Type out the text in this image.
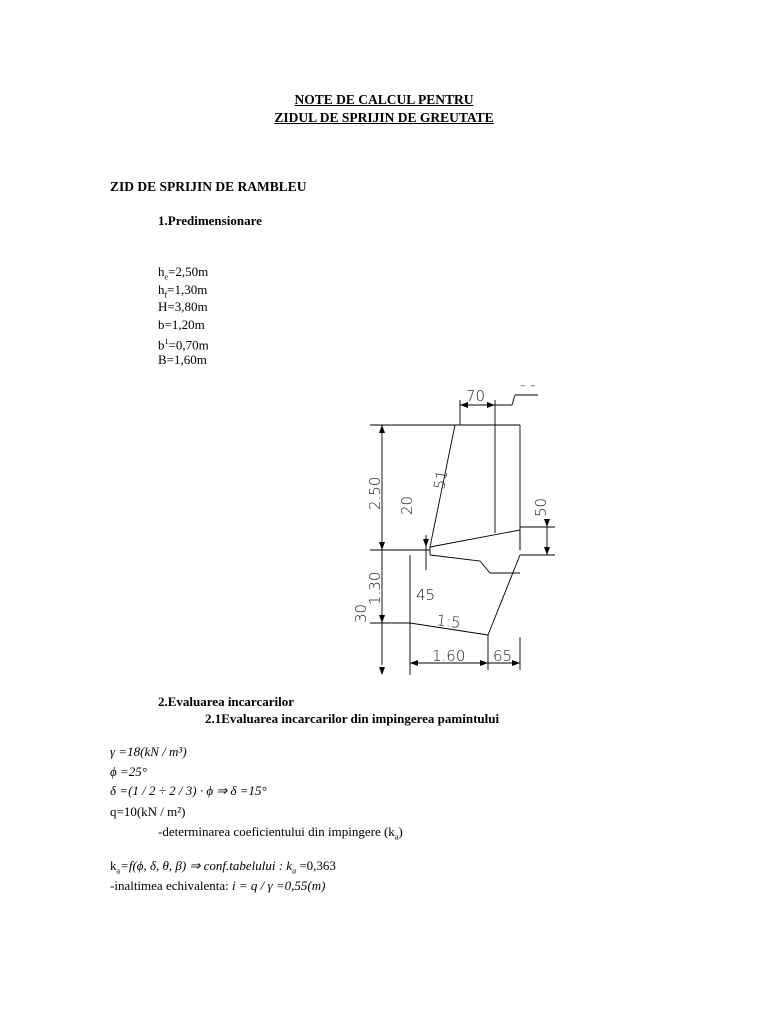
NOTE DE CALCUL PENTRU
ZIDUL DE SPRIJIN DE GREUTATE
ZID DE SPRIJIN DE RAMBLEU
1.Predimensionare
$h_e=2,50m$
$h_f=1,30m$
H=3,80m
b=1,20m
$b^1=0,70m$
B=1,60m
70
- -
2.50
1.30
51
20	50
45
30	1:5
1.60 65
2.Evaluarea incarcarilor
2.1Evaluarea incarcarilor din impingerea pamintului
γ =18(kN / m³)
ϕ =25°
δ =(1 / 2 ÷ 2 / 3) · ϕ ⇒ δ =15°
q=10(kN / m²)
-determinarea coeficientului din impingere $(k_a)$
$k_a=f(\phi$, δ, θ, β) ⇒ conf.tabelului : $k_a =0,363$
-inaltimea echivalenta: i = q / γ =0,55(m)
